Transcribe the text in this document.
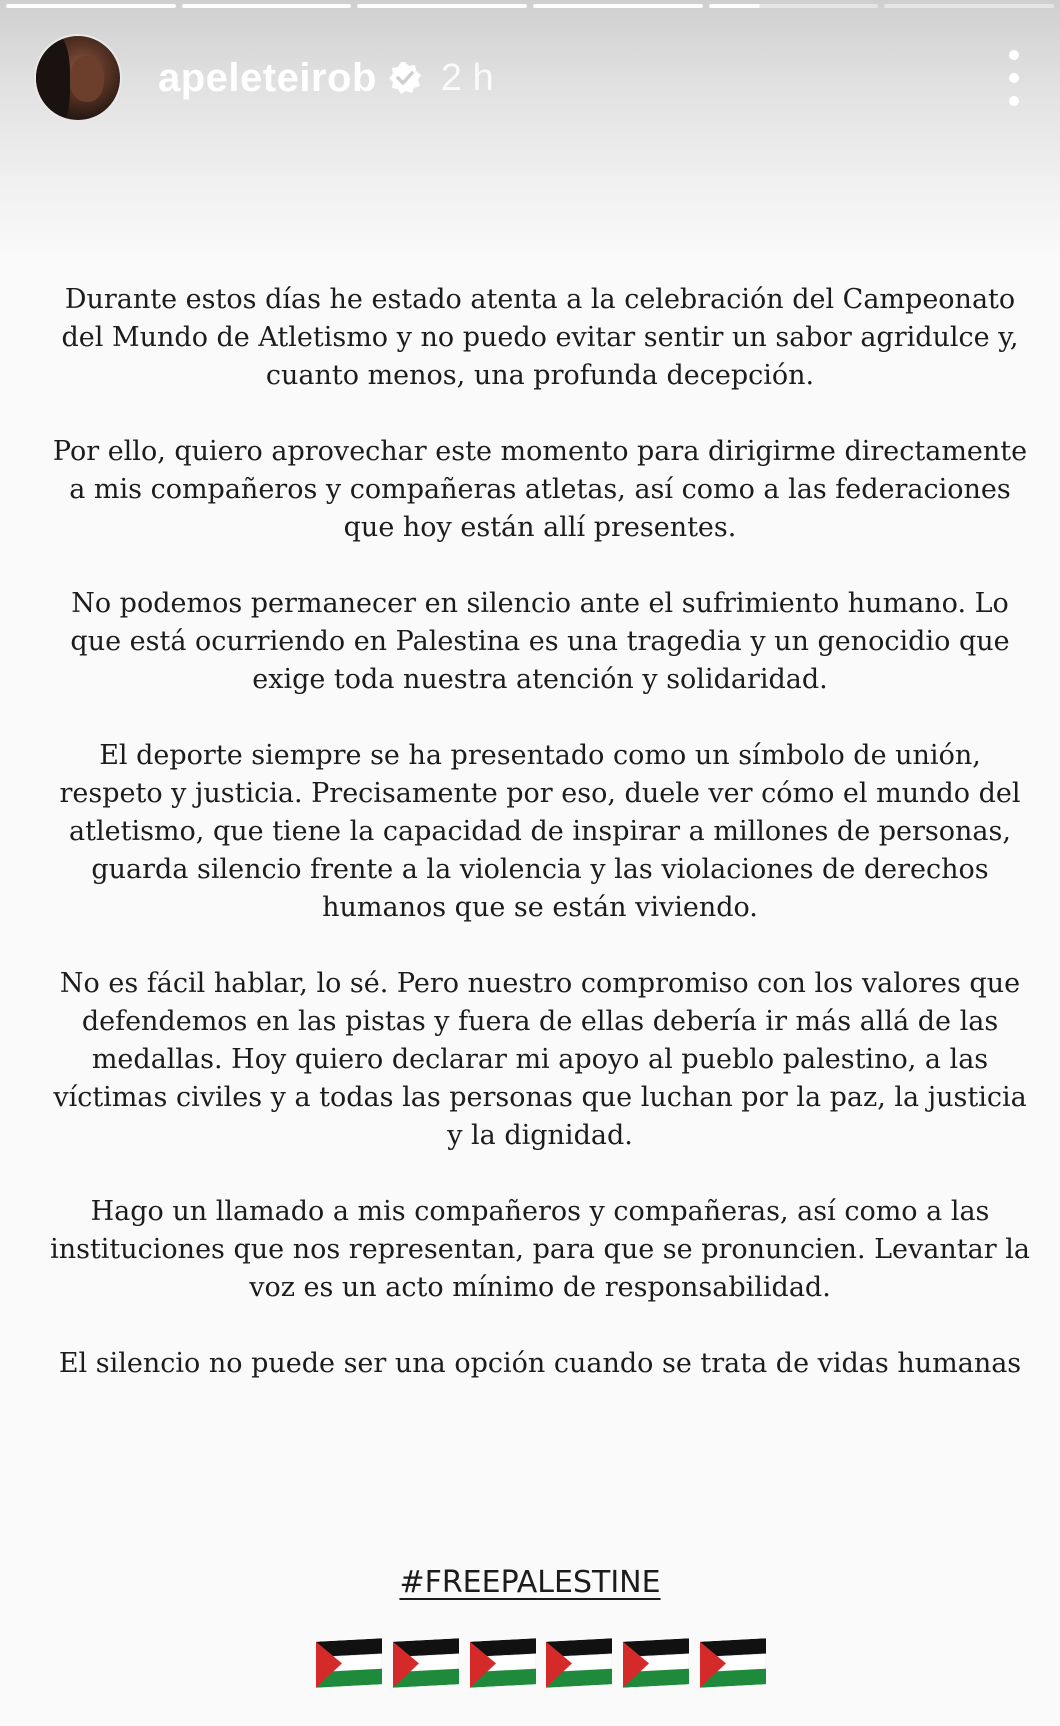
apeleteirob 2 h

Durante estos días he estado atenta a la celebración del Campeonato del Mundo de Atletismo y no puedo evitar sentir un sabor agridulce y, cuanto menos, una profunda decepción.

Por ello, quiero aprovechar este momento para dirigirme directamente a mis compañeros y compañeras atletas, así como a las federaciones que hoy están allí presentes.

No podemos permanecer en silencio ante el sufrimiento humano. Lo que está ocurriendo en Palestina es una tragedia y un genocidio que exige toda nuestra atención y solidaridad.

El deporte siempre se ha presentado como un símbolo de unión, respeto y justicia. Precisamente por eso, duele ver cómo el mundo del atletismo, que tiene la capacidad de inspirar a millones de personas, guarda silencio frente a la violencia y las violaciones de derechos humanos que se están viviendo.

No es fácil hablar, lo sé. Pero nuestro compromiso con los valores que defendemos en las pistas y fuera de ellas debería ir más allá de las medallas. Hoy quiero declarar mi apoyo al pueblo palestino, a las víctimas civiles y a todas las personas que luchan por la paz, la justicia y la dignidad.

Hago un llamado a mis compañeros y compañeras, así como a las instituciones que nos representan, para que se pronuncien. Levantar la voz es un acto mínimo de responsabilidad.

El silencio no puede ser una opción cuando se trata de vidas humanas

#FREEPALESTINE
